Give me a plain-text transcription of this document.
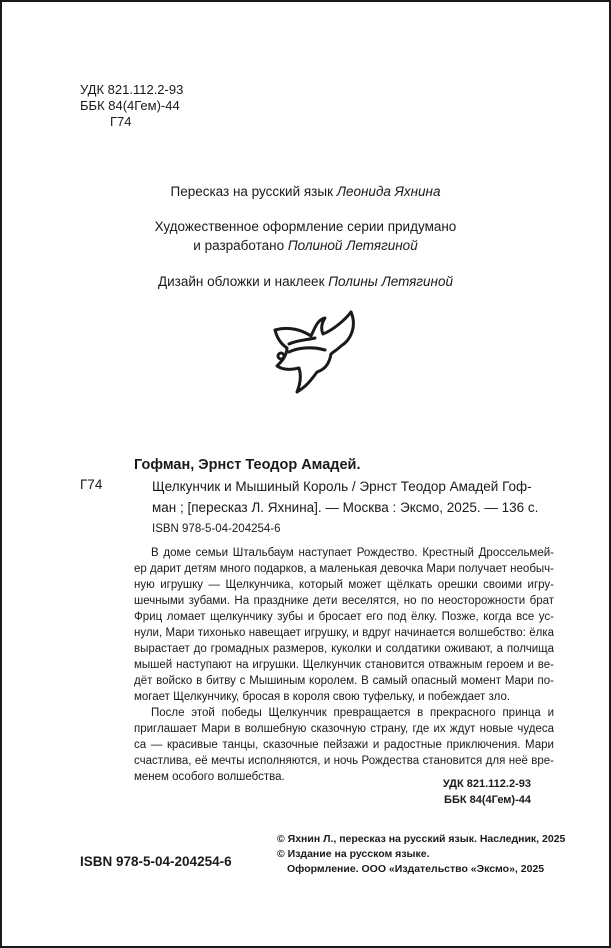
УДК 821.112.2-93
ББК 84(4Гем)-44
Г74
Пересказ на русский язык Леонида Яхнина
Художественное оформление серии придумано
и разработано Полиной Летягиной
Дизайн обложки и наклеек Полины Летягиной
Гофман, Эрнст Теодор Амадей.
Г74	Щелкунчик и Мышиный Король / Эрнст Теодор Амадей Гоф-
ман ; [пересказ Л. Яхнина]. — Москва : Эксмо, 2025. — 136 с.
ISBN 978-5-04-204254-6
В доме семьи Штальбаум наступает Рождество. Крестный Дроссельмей-
ер дарит детям много подарков, а маленькая девочка Мари получает необыч-
ную игрушку — Щелкунчика, который может щёлкать орешки своими игру-
шечными зубами. На празднике дети веселятся, но по неосторожности брат
Фриц ломает щелкунчику зубы и бросает его под ёлку. Позже, когда все ус-
нули, Мари тихонько навещает игрушку, и вдруг начинается волшебство: ёлка
вырастает до громадных размеров, куколки и солдатики оживают, а полчища
мышей наступают на игрушки. Щелкунчик становится отважным героем и ве-
дёт войско в битву с Мышиным королем. В самый опасный момент Мари по-
могает Щелкунчику, бросая в короля свою туфельку, и побеждает зло.
После этой победы Щелкунчик превращается в прекрасного принца и
приглашает Мари в волшебную сказочную страну, где их ждут новые чудеса
са — красивые танцы, сказочные пейзажи и радостные приключения. Мари
счастлива, её мечты исполняются, и ночь Рождества становится для неё вре-
менем особого волшебства.
УДК 821.112.2-93
ББК 84(4Гем)-44
ISBN 978-5-04-204254-6
© Яхнин Л., пересказ на русский язык. Наследник, 2025
© Издание на русском языке.
Оформление. ООО «Издательство «Эксмо», 2025
